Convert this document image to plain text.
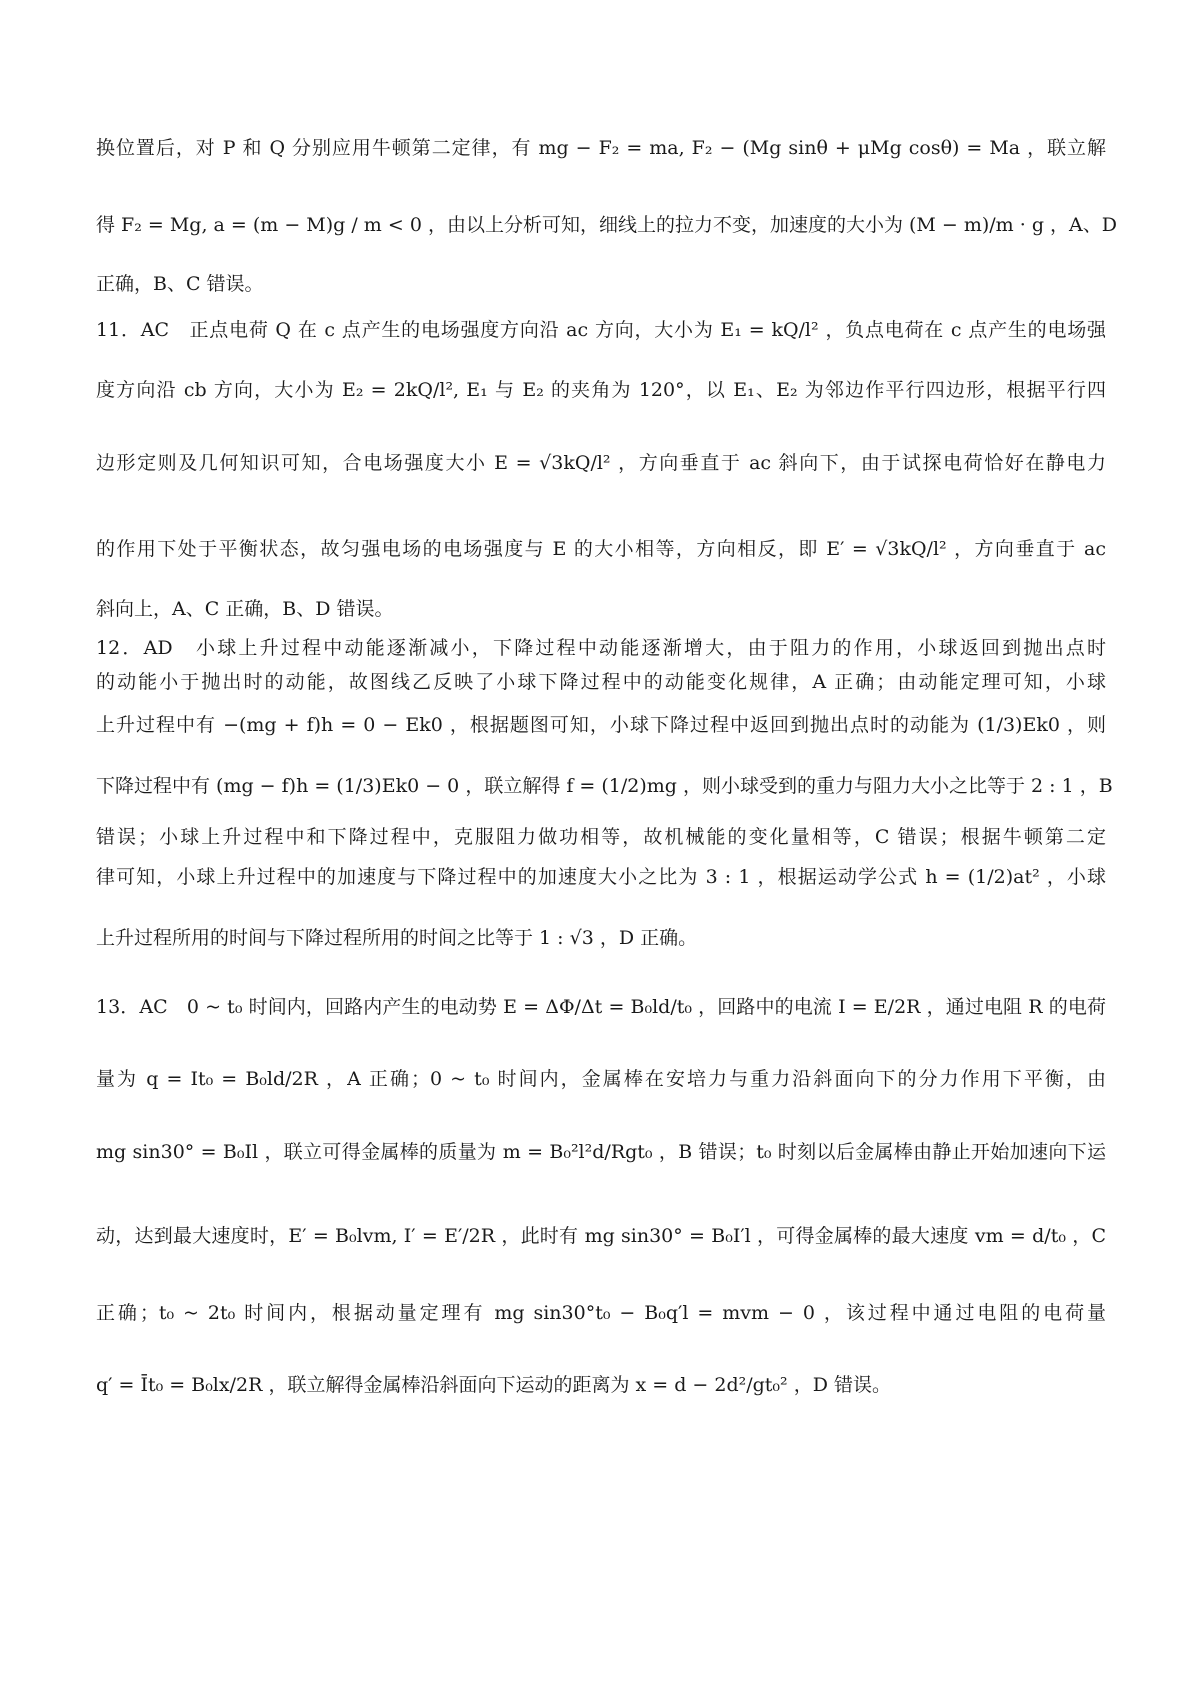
换位置后，对 P 和 Q 分别应用牛顿第二定律，有 mg − F₂ = ma, F₂ − (Mg sinθ + μMg cosθ) = Ma ，联立解
得 F₂ = Mg, a = (m − M)g / m < 0 ，由以上分析可知，细线上的拉力不变，加速度的大小为 (M − m)/m · g ，A、D
正确，B、C 错误。
11．AC　正点电荷 Q 在 c 点产生的电场强度方向沿 ac 方向，大小为 E₁ = kQ/l² ，负点电荷在 c 点产生的电场强
度方向沿 cb 方向，大小为 E₂ = 2kQ/l², E₁ 与 E₂ 的夹角为 120°，以 E₁、E₂ 为邻边作平行四边形，根据平行四
边形定则及几何知识可知，合电场强度大小 E = √3kQ/l² ，方向垂直于 ac 斜向下，由于试探电荷恰好在静电力
的作用下处于平衡状态，故匀强电场的电场强度与 E 的大小相等，方向相反，即 E′ = √3kQ/l² ，方向垂直于 ac
斜向上，A、C 正确，B、D 错误。
12．AD　小球上升过程中动能逐渐减小，下降过程中动能逐渐增大，由于阻力的作用，小球返回到抛出点时
的动能小于抛出时的动能，故图线乙反映了小球下降过程中的动能变化规律，A 正确；由动能定理可知，小球
上升过程中有 −(mg + f)h = 0 − Ek0 ，根据题图可知，小球下降过程中返回到抛出点时的动能为 (1/3)Ek0 ，则
下降过程中有 (mg − f)h = (1/3)Ek0 − 0 ，联立解得 f = (1/2)mg ，则小球受到的重力与阻力大小之比等于 2 : 1 ，B
错误；小球上升过程中和下降过程中，克服阻力做功相等，故机械能的变化量相等，C 错误；根据牛顿第二定
律可知，小球上升过程中的加速度与下降过程中的加速度大小之比为 3 : 1 ，根据运动学公式 h = (1/2)at² ，小球
上升过程所用的时间与下降过程所用的时间之比等于 1 : √3 ，D 正确。
13．AC　0 ~ t₀ 时间内，回路内产生的电动势 E = ΔΦ/Δt = B₀ld/t₀ ，回路中的电流 I = E/2R ，通过电阻 R 的电荷
量为 q = It₀ = B₀ld/2R ，A 正确；0 ~ t₀ 时间内，金属棒在安培力与重力沿斜面向下的分力作用下平衡，由
mg sin30° = B₀Il ，联立可得金属棒的质量为 m = B₀²l²d/Rgt₀ ，B 错误；t₀ 时刻以后金属棒由静止开始加速向下运
动，达到最大速度时，E′ = B₀lvm, I′ = E′/2R ，此时有 mg sin30° = B₀I′l ，可得金属棒的最大速度 vm = d/t₀ ，C
正确；t₀ ~ 2t₀ 时间内，根据动量定理有 mg sin30°t₀ − B₀q′l = mvm − 0 ，该过程中通过电阻的电荷量
q′ = Īt₀ = B₀lx/2R ，联立解得金属棒沿斜面向下运动的距离为 x = d − 2d²/gt₀² ，D 错误。
